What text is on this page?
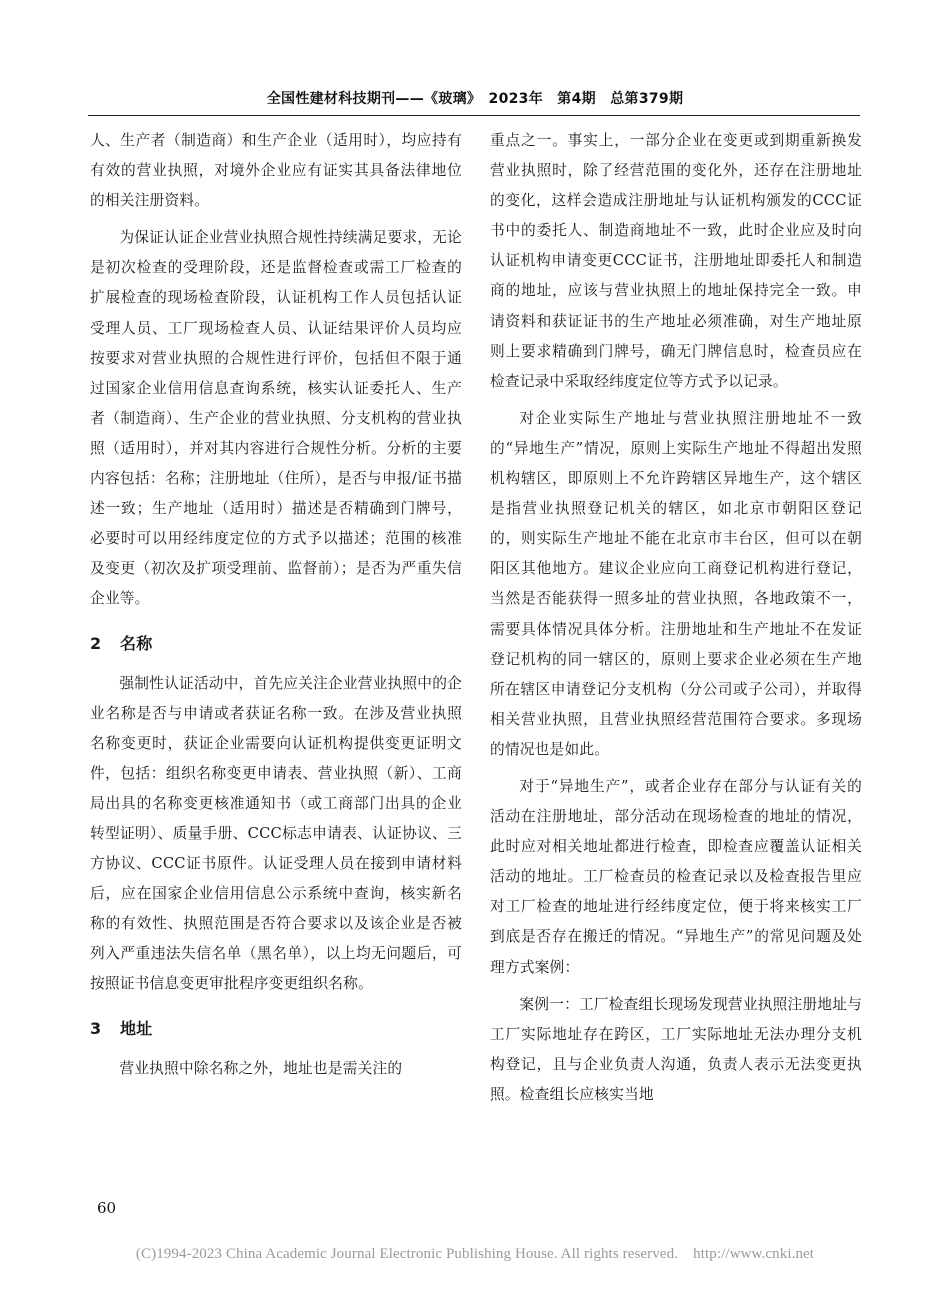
全国性建材科技期刊——《玻璃》　2023年　第4期　总第379期

人、生产者（制造商）和生产企业（适用时），均应持有有效的营业执照，对境外企业应有证实其具备法律地位的相关注册资料。

为保证认证企业营业执照合规性持续满足要求，无论是初次检查的受理阶段，还是监督检查或需工厂检查的扩展检查的现场检查阶段，认证机构工作人员包括认证受理人员、工厂现场检查人员、认证结果评价人员均应按要求对营业执照的合规性进行评价，包括但不限于通过国家企业信用信息查询系统，核实认证委托人、生产者（制造商）、生产企业的营业执照、分支机构的营业执照（适用时），并对其内容进行合规性分析。分析的主要内容包括：名称；注册地址（住所），是否与申报/证书描述一致；生产地址（适用时）描述是否精确到门牌号，必要时可以用经纬度定位的方式予以描述；范围的核准及变更（初次及扩项受理前、监督前）；是否为严重失信企业等。

2 名称

强制性认证活动中，首先应关注企业营业执照中的企业名称是否与申请或者获证名称一致。在涉及营业执照名称变更时，获证企业需要向认证机构提供变更证明文件，包括：组织名称变更申请表、营业执照（新）、工商局出具的名称变更核准通知书（或工商部门出具的企业转型证明）、质量手册、CCC标志申请表、认证协议、三方协议、CCC证书原件。认证受理人员在接到申请材料后，应在国家企业信用信息公示系统中查询，核实新名称的有效性、执照范围是否符合要求以及该企业是否被列入严重违法失信名单（黑名单），以上均无问题后，可按照证书信息变更审批程序变更组织名称。

3 地址

营业执照中除名称之外，地址也是需关注的

重点之一。事实上，一部分企业在变更或到期重新换发营业执照时，除了经营范围的变化外，还存在注册地址的变化，这样会造成注册地址与认证机构颁发的CCC证书中的委托人、制造商地址不一致，此时企业应及时向认证机构申请变更CCC证书，注册地址即委托人和制造商的地址，应该与营业执照上的地址保持完全一致。申请资料和获证证书的生产地址必须准确，对生产地址原则上要求精确到门牌号，确无门牌信息时，检查员应在检查记录中采取经纬度定位等方式予以记录。

对企业实际生产地址与营业执照注册地址不一致的“异地生产”情况，原则上实际生产地址不得超出发照机构辖区，即原则上不允许跨辖区异地生产，这个辖区是指营业执照登记机关的辖区，如北京市朝阳区登记的，则实际生产地址不能在北京市丰台区，但可以在朝阳区其他地方。建议企业应向工商登记机构进行登记，当然是否能获得一照多址的营业执照，各地政策不一，需要具体情况具体分析。注册地址和生产地址不在发证登记机构的同一辖区的，原则上要求企业必须在生产地所在辖区申请登记分支机构（分公司或子公司），并取得相关营业执照，且营业执照经营范围符合要求。多现场的情况也是如此。

对于“异地生产”，或者企业存在部分与认证有关的活动在注册地址，部分活动在现场检查的地址的情况，此时应对相关地址都进行检查，即检查应覆盖认证相关活动的地址。工厂检查员的检查记录以及检查报告里应对工厂检查的地址进行经纬度定位，便于将来核实工厂到底是否存在搬迁的情况。“异地生产”的常见问题及处理方式案例：

案例一：工厂检查组长现场发现营业执照注册地址与工厂实际地址存在跨区，工厂实际地址无法办理分支机构登记，且与企业负责人沟通，负责人表示无法变更执照。检查组长应核实当地

60
(C)1994-2023 China Academic Journal Electronic Publishing House. All rights reserved.　http://www.cnki.net
